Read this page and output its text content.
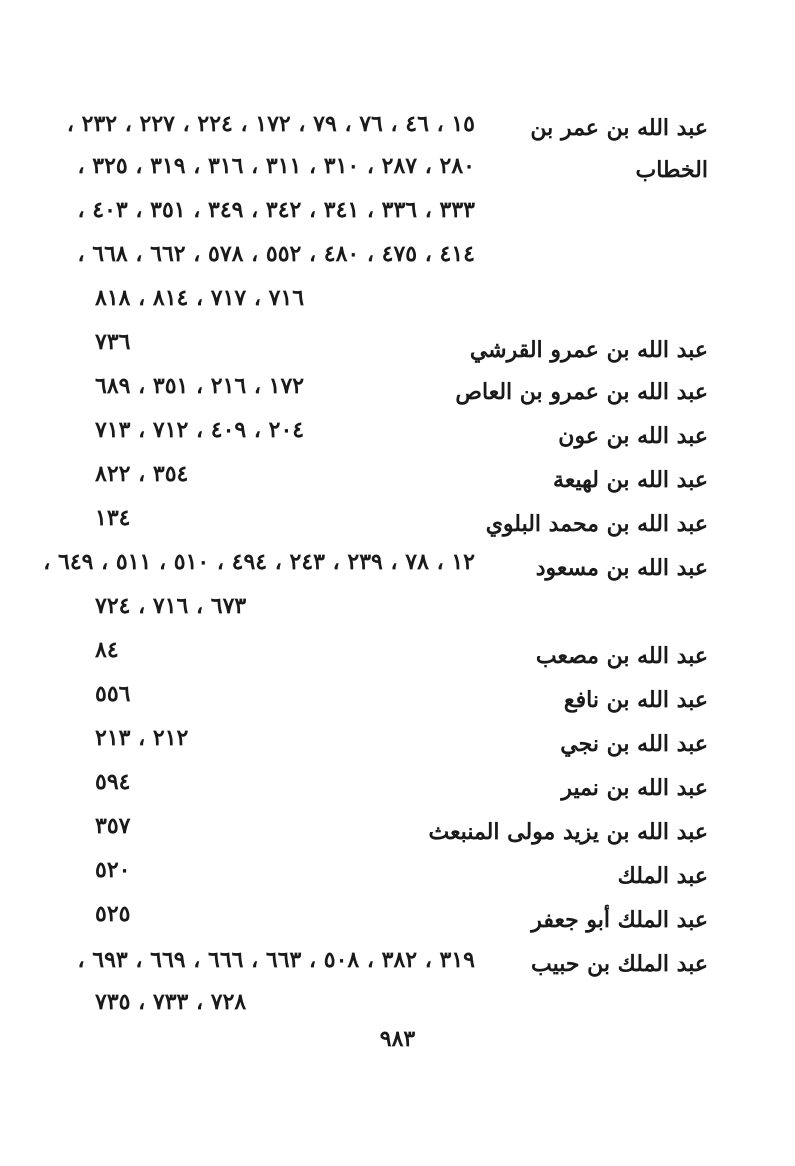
عبد الله بن عمر بن
١٥ ، ٤٦ ، ٧٦ ، ٧٩ ، ١٧٢ ، ٢٢٤ ، ٢٢٧ ، ٢٣٢ ،
الخطاب
٢٨٠ ، ٢٨٧ ، ٣١٠ ، ٣١١ ، ٣١٦ ، ٣١٩ ، ٣٢٥ ،
٣٣٣ ، ٣٣٦ ، ٣٤١ ، ٣٤٢ ، ٣٤٩ ، ٣٥١ ، ٤٠٣ ،
٤١٤ ، ٤٧٥ ، ٤٨٠ ، ٥٥٢ ، ٥٧٨ ، ٦٦٢ ، ٦٦٨ ،
٧١٦ ، ٧١٧ ، ٨١٤ ، ٨١٨
عبد الله بن عمرو القرشي
٧٣٦
عبد الله بن عمرو بن العاص
١٧٢ ، ٢١٦ ، ٣٥١ ، ٦٨٩
عبد الله بن عون
٢٠٤ ، ٤٠٩ ، ٧١٢ ، ٧١٣
عبد الله بن لهيعة
٣٥٤ ، ٨٢٢
عبد الله بن محمد البلوي
١٣٤
عبد الله بن مسعود
١٢ ، ٧٨ ، ٢٣٩ ، ٢٤٣ ، ٤٩٤ ، ٥١٠ ، ٥١١ ، ٦٤٩ ،
٦٧٣ ، ٧١٦ ، ٧٢٤
عبد الله بن مصعب
٨٤
عبد الله بن نافع
٥٥٦
عبد الله بن نجي
٢١٢ ، ٢١٣
عبد الله بن نمير
٥٩٤
عبد الله بن يزيد مولى المنبعث
٣٥٧
عبد الملك
٥٢٠
عبد الملك أبو جعفر
٥٢٥
عبد الملك بن حبيب
٣١٩ ، ٣٨٢ ، ٥٠٨ ، ٦٦٣ ، ٦٦٦ ، ٦٦٩ ، ٦٩٣ ،
٧٢٨ ، ٧٣٣ ، ٧٣٥
٩٨٣
